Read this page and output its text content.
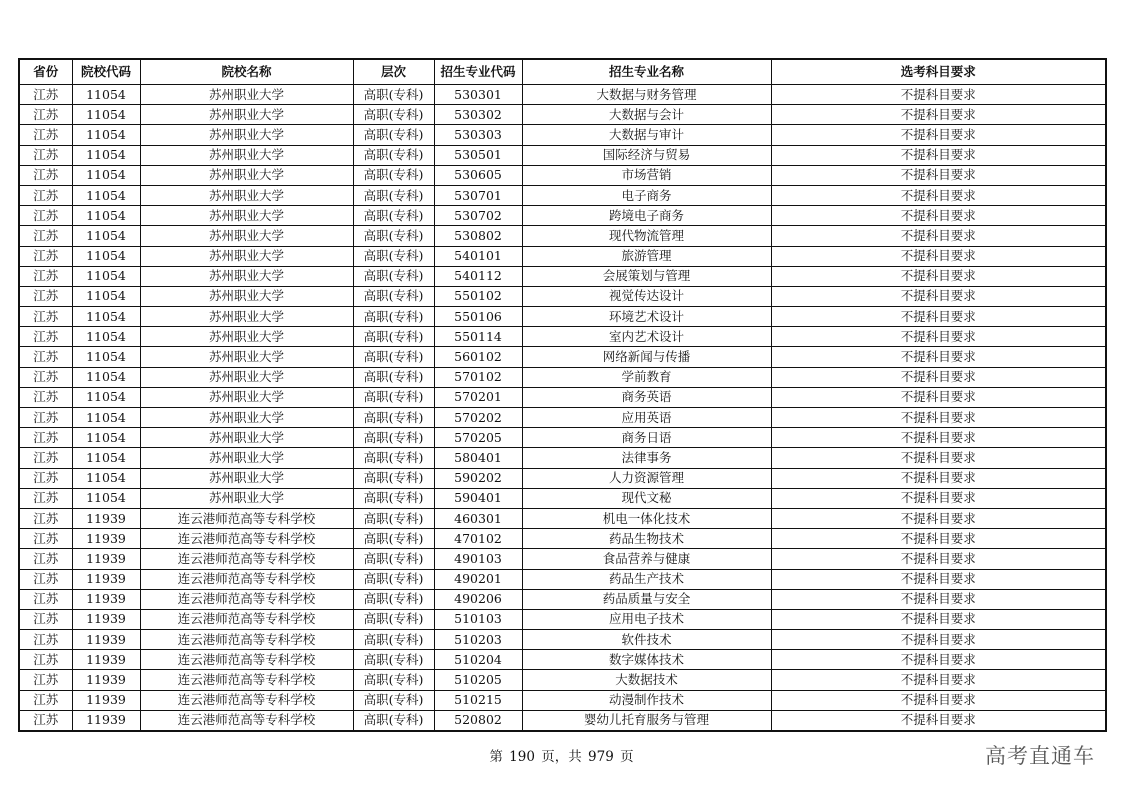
省份	院校代码	院校名称	层次	招生专业代码	招生专业名称	选考科目要求
江苏	11054	苏州职业大学	高职(专科)	530301	大数据与财务管理	不提科目要求
江苏	11054	苏州职业大学	高职(专科)	530302	大数据与会计	不提科目要求
江苏	11054	苏州职业大学	高职(专科)	530303	大数据与审计	不提科目要求
江苏	11054	苏州职业大学	高职(专科)	530501	国际经济与贸易	不提科目要求
江苏	11054	苏州职业大学	高职(专科)	530605	市场营销	不提科目要求
江苏	11054	苏州职业大学	高职(专科)	530701	电子商务	不提科目要求
江苏	11054	苏州职业大学	高职(专科)	530702	跨境电子商务	不提科目要求
江苏	11054	苏州职业大学	高职(专科)	530802	现代物流管理	不提科目要求
江苏	11054	苏州职业大学	高职(专科)	540101	旅游管理	不提科目要求
江苏	11054	苏州职业大学	高职(专科)	540112	会展策划与管理	不提科目要求
江苏	11054	苏州职业大学	高职(专科)	550102	视觉传达设计	不提科目要求
江苏	11054	苏州职业大学	高职(专科)	550106	环境艺术设计	不提科目要求
江苏	11054	苏州职业大学	高职(专科)	550114	室内艺术设计	不提科目要求
江苏	11054	苏州职业大学	高职(专科)	560102	网络新闻与传播	不提科目要求
江苏	11054	苏州职业大学	高职(专科)	570102	学前教育	不提科目要求
江苏	11054	苏州职业大学	高职(专科)	570201	商务英语	不提科目要求
江苏	11054	苏州职业大学	高职(专科)	570202	应用英语	不提科目要求
江苏	11054	苏州职业大学	高职(专科)	570205	商务日语	不提科目要求
江苏	11054	苏州职业大学	高职(专科)	580401	法律事务	不提科目要求
江苏	11054	苏州职业大学	高职(专科)	590202	人力资源管理	不提科目要求
江苏	11054	苏州职业大学	高职(专科)	590401	现代文秘	不提科目要求
江苏	11939	连云港师范高等专科学校	高职(专科)	460301	机电一体化技术	不提科目要求
江苏	11939	连云港师范高等专科学校	高职(专科)	470102	药品生物技术	不提科目要求
江苏	11939	连云港师范高等专科学校	高职(专科)	490103	食品营养与健康	不提科目要求
江苏	11939	连云港师范高等专科学校	高职(专科)	490201	药品生产技术	不提科目要求
江苏	11939	连云港师范高等专科学校	高职(专科)	490206	药品质量与安全	不提科目要求
江苏	11939	连云港师范高等专科学校	高职(专科)	510103	应用电子技术	不提科目要求
江苏	11939	连云港师范高等专科学校	高职(专科)	510203	软件技术	不提科目要求
江苏	11939	连云港师范高等专科学校	高职(专科)	510204	数字媒体技术	不提科目要求
江苏	11939	连云港师范高等专科学校	高职(专科)	510205	大数据技术	不提科目要求
江苏	11939	连云港师范高等专科学校	高职(专科)	510215	动漫制作技术	不提科目要求
江苏	11939	连云港师范高等专科学校	高职(专科)	520802	婴幼儿托育服务与管理	不提科目要求
第 190 页，共 979 页	高考直通车
